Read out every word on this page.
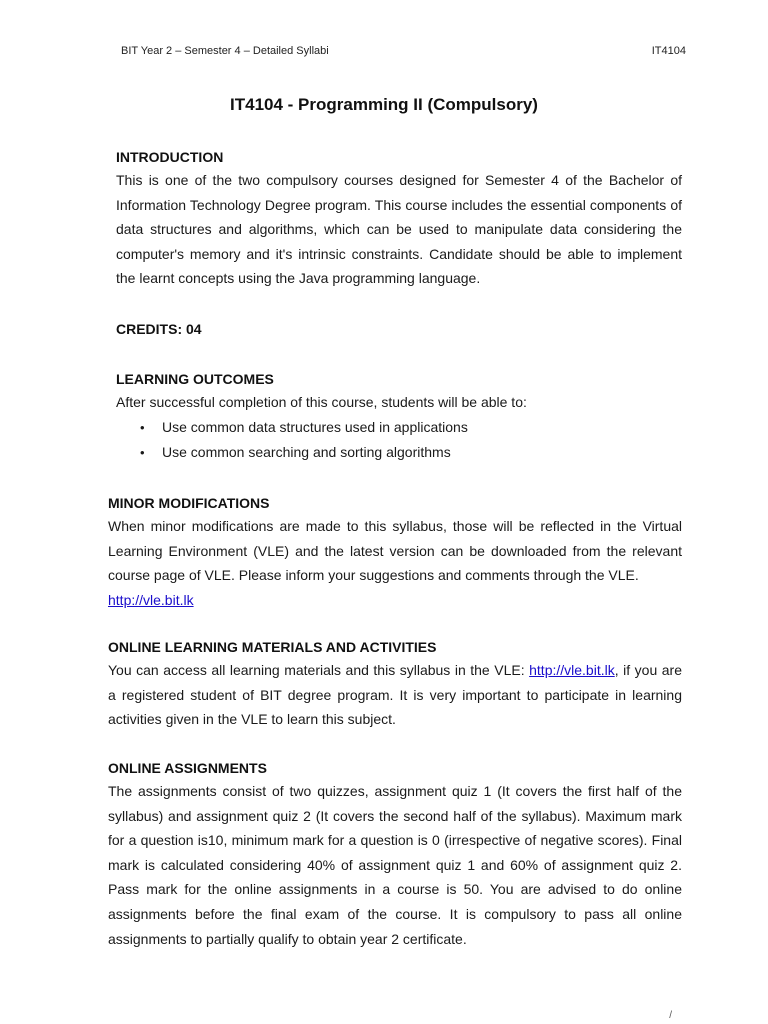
BIT Year 2 – Semester 4 – Detailed Syllabi	IT4104
IT4104 - Programming II (Compulsory)

INTRODUCTION

This is one of the two compulsory courses designed for Semester 4 of the Bachelor of Information Technology Degree program. This course includes the essential components of data structures and algorithms, which can be used to manipulate data considering the computer's memory and it's intrinsic constraints. Candidate should be able to implement the learnt concepts using the Java programming language.

CREDITS: 04

LEARNING OUTCOMES

After successful completion of this course, students will be able to:

• Use common data structures used in applications
• Use common searching and sorting algorithms

MINOR MODIFICATIONS

When minor modifications are made to this syllabus, those will be reflected in the Virtual Learning Environment (VLE) and the latest version can be downloaded from the relevant course page of VLE. Please inform your suggestions and comments through the VLE.

http://vle.bit.lk

ONLINE LEARNING MATERIALS AND ACTIVITIES

You can access all learning materials and this syllabus in the VLE: http://vle.bit.lk, if you are a registered student of BIT degree program. It is very important to participate in learning activities given in the VLE to learn this subject.

ONLINE ASSIGNMENTS

The assignments consist of two quizzes, assignment quiz 1 (It covers the first half of the syllabus) and assignment quiz 2 (It covers the second half of the syllabus). Maximum mark for a question is10, minimum mark for a question is 0 (irrespective of negative scores). Final mark is calculated considering 40% of assignment quiz 1 and 60% of assignment quiz 2. Pass mark for the online assignments in a course is 50. You are advised to do online assignments before the final exam of the course. It is compulsory to pass all online assignments to partially qualify to obtain year 2 certificate.

/
